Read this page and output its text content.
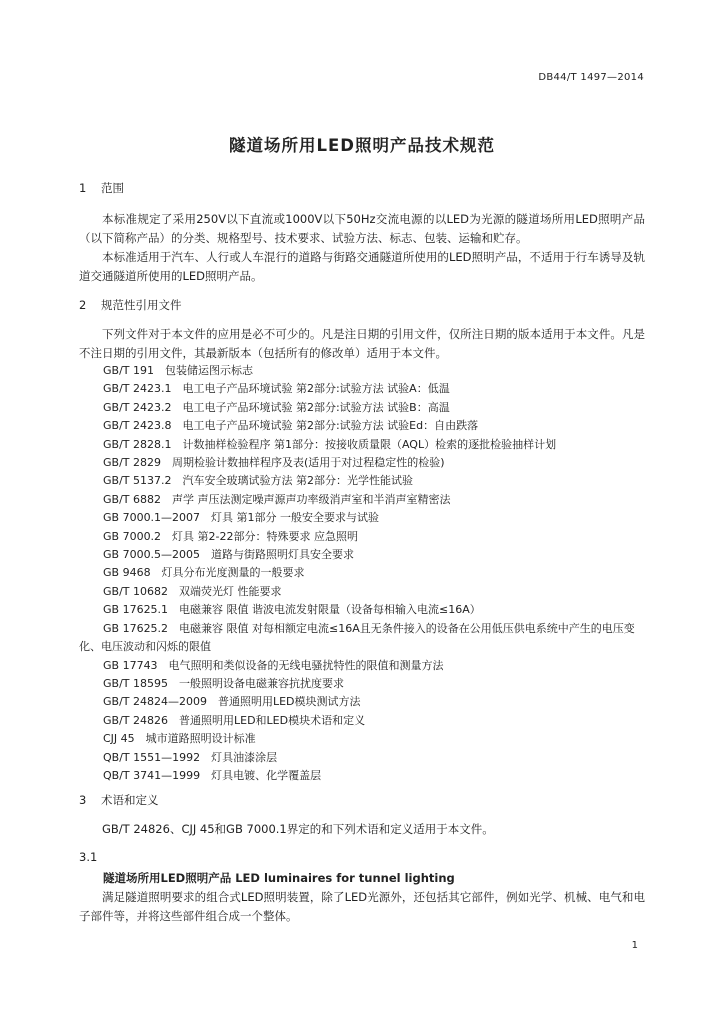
DB44/T 1497—2014
隧道场所用LED照明产品技术规范
1 范围

本标准规定了采用250V以下直流或1000V以下50Hz交流电源的以LED为光源的隧道场所用LED照明产品（以下简称产品）的分类、规格型号、技术要求、试验方法、标志、包装、运输和贮存。

本标准适用于汽车、人行或人车混行的道路与街路交通隧道所使用的LED照明产品，不适用于行车诱导及轨道交通隧道所使用的LED照明产品。

2 规范性引用文件

下列文件对于本文件的应用是必不可少的。凡是注日期的引用文件，仅所注日期的版本适用于本文件。凡是不注日期的引用文件，其最新版本（包括所有的修改单）适用于本文件。

GB/T 191　包装储运图示标志
GB/T 2423.1　电工电子产品环境试验 第2部分:试验方法 试验A：低温
GB/T 2423.2　电工电子产品环境试验 第2部分:试验方法 试验B：高温
GB/T 2423.8　电工电子产品环境试验 第2部分:试验方法 试验Ed：自由跌落
GB/T 2828.1　计数抽样检验程序 第1部分：按接收质量限（AQL）检索的逐批检验抽样计划
GB/T 2829　周期检验计数抽样程序及表(适用于对过程稳定性的检验)
GB/T 5137.2　汽车安全玻璃试验方法 第2部分：光学性能试验
GB/T 6882　声学 声压法测定噪声源声功率级消声室和半消声室精密法
GB 7000.1—2007　灯具 第1部分 一般安全要求与试验
GB 7000.2　灯具 第2-22部分：特殊要求 应急照明
GB 7000.5—2005　道路与街路照明灯具安全要求
GB 9468　灯具分布光度测量的一般要求
GB/T 10682　双端荧光灯 性能要求
GB 17625.1　电磁兼容 限值 谐波电流发射限量（设备每相输入电流≤16A）
GB 17625.2　电磁兼容 限值 对每相额定电流≤16A且无条件接入的设备在公用低压供电系统中产生的电压变化、电压波动和闪烁的限值
GB 17743　电气照明和类似设备的无线电骚扰特性的限值和测量方法
GB/T 18595　一般照明设备电磁兼容抗扰度要求
GB/T 24824—2009　普通照明用LED模块测试方法
GB/T 24826　普通照明用LED和LED模块术语和定义
CJJ 45　城市道路照明设计标准
QB/T 1551—1992　灯具油漆涂层
QB/T 3741—1999　灯具电镀、化学覆盖层
3 术语和定义

GB/T 24826、CJJ 45和GB 7000.1界定的和下列术语和定义适用于本文件。

3.1
隧道场所用LED照明产品 LED luminaires for tunnel lighting

满足隧道照明要求的组合式LED照明装置，除了LED光源外，还包括其它部件，例如光学、机械、电气和电子部件等，并将这些部件组合成一个整体。

1
